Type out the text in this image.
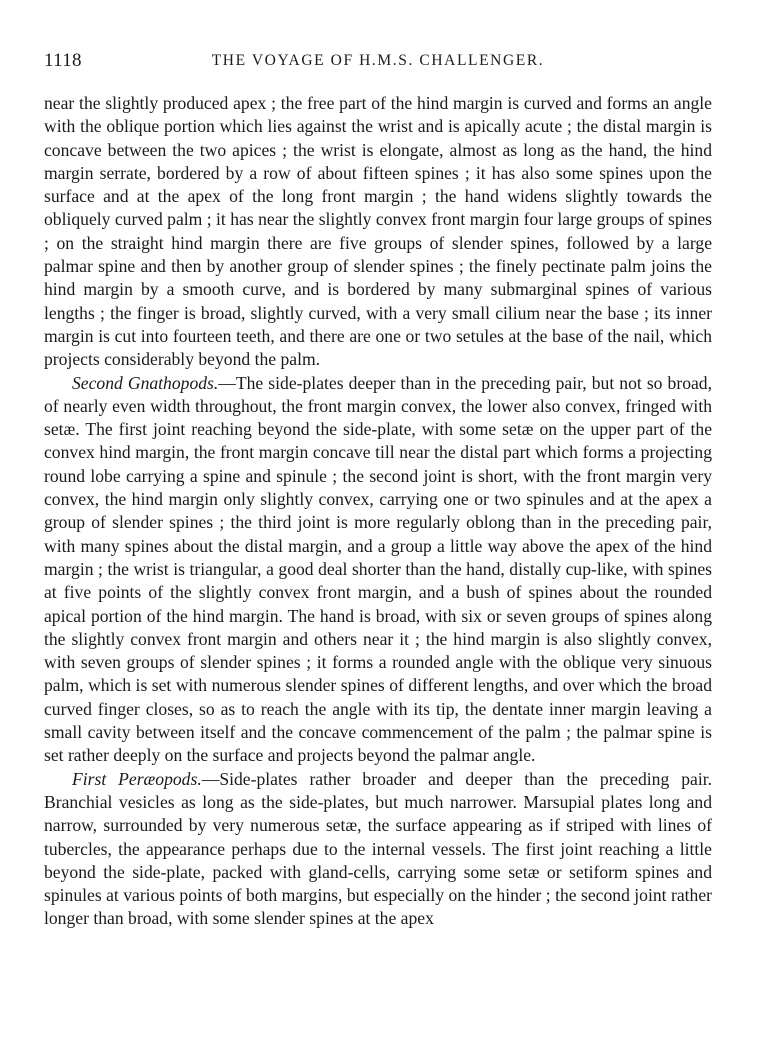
1118	THE VOYAGE OF H.M.S. CHALLENGER.

near the slightly produced apex ; the free part of the hind margin is curved and forms an angle with the oblique portion which lies against the wrist and is apically acute ; the distal margin is concave between the two apices ; the wrist is elongate, almost as long as the hand, the hind margin serrate, bordered by a row of about fifteen spines ; it has also some spines upon the surface and at the apex of the long front margin ; the hand widens slightly towards the obliquely curved palm ; it has near the slightly convex front margin four large groups of spines ; on the straight hind margin there are five groups of slender spines, followed by a large palmar spine and then by another group of slender spines ; the finely pectinate palm joins the hind margin by a smooth curve, and is bordered by many submarginal spines of various lengths ; the finger is broad, slightly curved, with a very small cilium near the base ; its inner margin is cut into fourteen teeth, and there are one or two setules at the base of the nail, which projects considerably beyond the palm.

Second Gnathopods.—The side-plates deeper than in the preceding pair, but not so broad, of nearly even width throughout, the front margin convex, the lower also convex, fringed with setæ. The first joint reaching beyond the side-plate, with some setæ on the upper part of the convex hind margin, the front margin concave till near the distal part which forms a projecting round lobe carrying a spine and spinule ; the second joint is short, with the front margin very convex, the hind margin only slightly convex, carrying one or two spinules and at the apex a group of slender spines ; the third joint is more regularly oblong than in the preceding pair, with many spines about the distal margin, and a group a little way above the apex of the hind margin ; the wrist is triangular, a good deal shorter than the hand, distally cup-like, with spines at five points of the slightly convex front margin, and a bush of spines about the rounded apical portion of the hind margin. The hand is broad, with six or seven groups of spines along the slightly convex front margin and others near it ; the hind margin is also slightly convex, with seven groups of slender spines ; it forms a rounded angle with the oblique very sinuous palm, which is set with numerous slender spines of different lengths, and over which the broad curved finger closes, so as to reach the angle with its tip, the dentate inner margin leaving a small cavity between itself and the concave commencement of the palm ; the palmar spine is set rather deeply on the surface and projects beyond the palmar angle.

First Peræopods.—Side-plates rather broader and deeper than the preceding pair. Branchial vesicles as long as the side-plates, but much narrower. Marsupial plates long and narrow, surrounded by very numerous setæ, the surface appearing as if striped with lines of tubercles, the appearance perhaps due to the internal vessels. The first joint reaching a little beyond the side-plate, packed with gland-cells, carrying some setæ or setiform spines and spinules at various points of both margins, but especially on the hinder ; the second joint rather longer than broad, with some slender spines at the apex
